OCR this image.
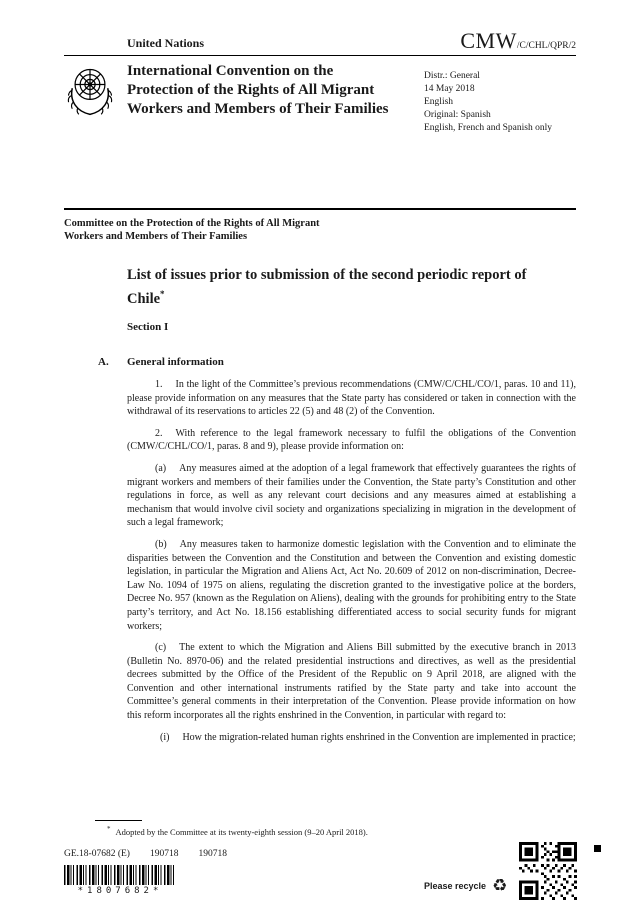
United Nations	CMW /C/CHL/QPR/2
International Convention on the Protection of the Rights of All Migrant Workers and Members of Their Families
Distr.: General
14 May 2018
English
Original: Spanish
English, French and Spanish only
Committee on the Protection of the Rights of All Migrant Workers and Members of Their Families
List of issues prior to submission of the second periodic report of Chile*
Section I
A. General information

1. In the light of the Committee’s previous recommendations (CMW/C/CHL/CO/1, paras. 10 and 11), please provide information on any measures that the State party has considered or taken in connection with the withdrawal of its reservations to articles 22 (5) and 48 (2) of the Convention.

2. With reference to the legal framework necessary to fulfil the obligations of the Convention (CMW/C/CHL/CO/1, paras. 8 and 9), please provide information on:

(a) Any measures aimed at the adoption of a legal framework that effectively guarantees the rights of migrant workers and members of their families under the Convention, the State party’s Constitution and other regulations in force, as well as any relevant court decisions and any measures aimed at establishing a mechanism that would involve civil society and organizations specializing in migration in the development of such a legal framework;

(b) Any measures taken to harmonize domestic legislation with the Convention and to eliminate the disparities between the Convention and the Constitution and between the Convention and existing domestic legislation, in particular the Migration and Aliens Act, Act No. 20.609 of 2012 on non-discrimination, Decree-Law No. 1094 of 1975 on aliens, regulating the discretion granted to the investigative police at the borders, Decree No. 957 (known as the Regulation on Aliens), dealing with the grounds for prohibiting entry to the State party’s territory, and Act No. 18.156 establishing differentiated access to social security funds for migrant workers;

(c) The extent to which the Migration and Aliens Bill submitted by the executive branch in 2013 (Bulletin No. 8970-06) and the related presidential instructions and directives, as well as the presidential decrees submitted by the Office of the President of the Republic on 9 April 2018, are aligned with the Convention and other international instruments ratified by the State party and take into account the Committee’s general comments in their interpretation of the Convention. Please provide information on how this reform incorporates all the rights enshrined in the Convention, in particular with regard to:

(i) How the migration-related human rights enshrined in the Convention are implemented in practice;

* Adopted by the Committee at its twenty-eighth session (9–20 April 2018).
GE.18-07682 (E) 190718 190718
*1807682*	Please recycle ♻
